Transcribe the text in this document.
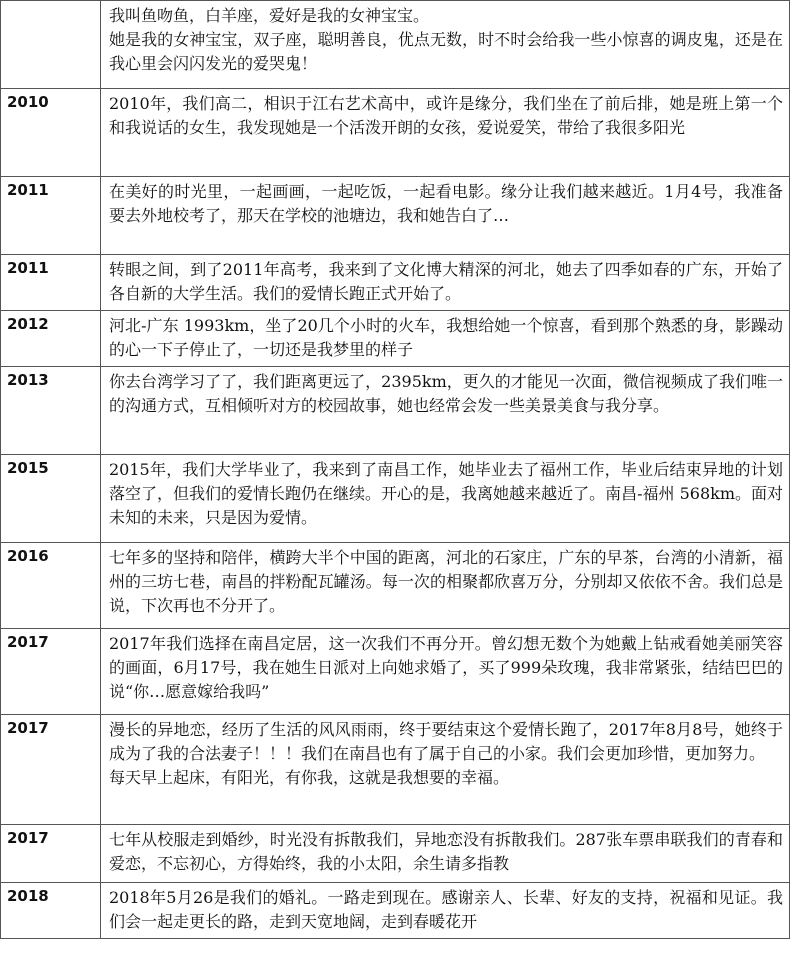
	我叫鱼吻鱼，白羊座，爱好是我的女神宝宝。

她是我的女神宝宝，双子座，聪明善良，优点无数，时不时会给我一些小惊喜的调皮鬼，还是在我心里会闪闪发光的爱哭鬼！

2010	2010年，我们高二，相识于江右艺术高中，或许是缘分，我们坐在了前后排，她是班上第一个和我说话的女生，我发现她是一个活泼开朗的女孩，爱说爱笑，带给了我很多阳光

2011	在美好的时光里，一起画画，一起吃饭，一起看电影。缘分让我们越来越近。1月4号，我准备要去外地校考了，那天在学校的池塘边，我和她告白了…

2011	转眼之间，到了2011年高考，我来到了文化博大精深的河北，她去了四季如春的广东，开始了各自新的大学生活。我们的爱情长跑正式开始了。

2012	河北-广东 1993km，坐了20几个小时的火车，我想给她一个惊喜，看到那个熟悉的身，影躁动的心一下子停止了，一切还是我梦里的样子

2013	你去台湾学习了了，我们距离更远了，2395km，更久的才能见一次面，微信视频成了我们唯一的沟通方式，互相倾听对方的校园故事，她也经常会发一些美景美食与我分享。

2015	2015年，我们大学毕业了，我来到了南昌工作，她毕业去了福州工作，毕业后结束异地的计划落空了，但我们的爱情长跑仍在继续。开心的是，我离她越来越近了。南昌-福州 568km。面对未知的未来，只是因为爱情。

2016	七年多的坚持和陪伴，横跨大半个中国的距离，河北的石家庄，广东的早茶，台湾的小清新，福州的三坊七巷，南昌的拌粉配瓦罐汤。每一次的相聚都欣喜万分，分别却又依依不舍。我们总是说，下次再也不分开了。

2017	2017年我们选择在南昌定居，这一次我们不再分开。曾幻想无数个为她戴上钻戒看她美丽笑容的画面，6月17号，我在她生日派对上向她求婚了，买了999朵玫瑰，我非常紧张，结结巴巴的说“你…愿意嫁给我吗”

2017	漫长的异地恋，经历了生活的风风雨雨，终于要结束这个爱情长跑了，2017年8月8号，她终于成为了我的合法妻子！！！我们在南昌也有了属于自己的小家。我们会更加珍惜，更加努力。

每天早上起床，有阳光，有你我，这就是我想要的幸福。

2017	七年从校服走到婚纱，时光没有拆散我们，异地恋没有拆散我们。287张车票串联我们的青春和爱恋，不忘初心，方得始终，我的小太阳，余生请多指教

2018	2018年5月26是我们的婚礼。一路走到现在。感谢亲人、长辈、好友的支持，祝福和见证。我们会一起走更长的路，走到天宽地阔，走到春暖花开
